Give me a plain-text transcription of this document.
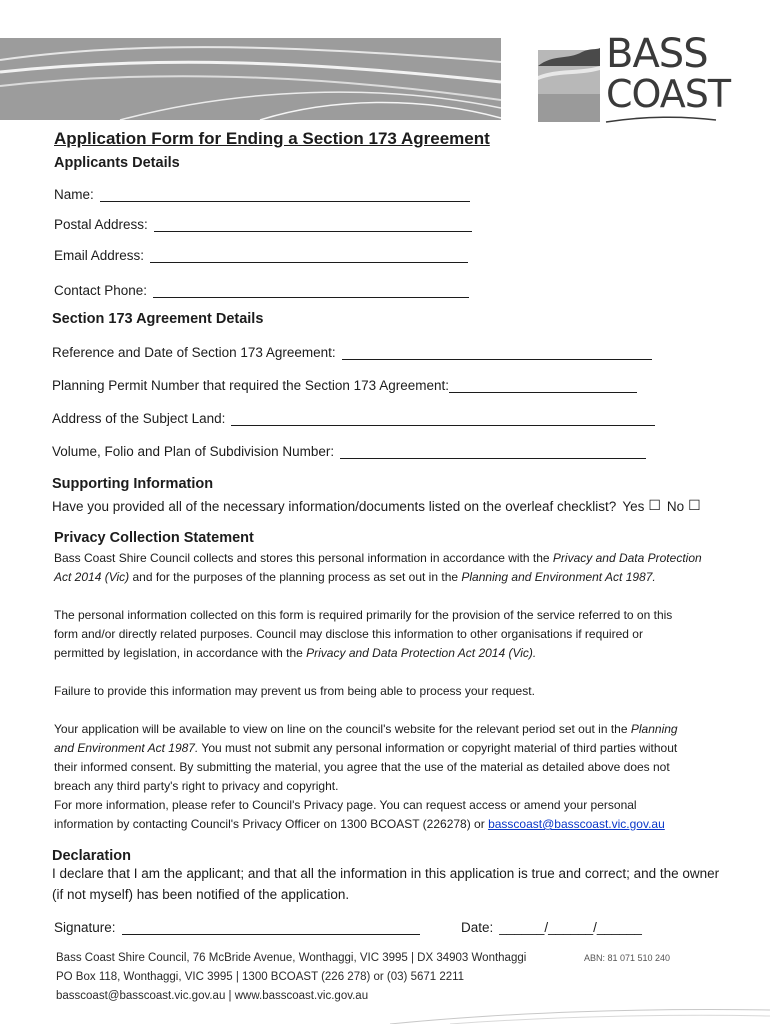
BASS
COAST
Application Form for Ending a Section 173 Agreement
Applicants Details
Name:
Postal Address:
Email Address:
Contact Phone:
Section 173 Agreement Details
Reference and Date of Section 173 Agreement:
Planning Permit Number that required the Section 173 Agreement:
Address of the Subject Land:
Volume, Folio and Plan of Subdivision Number:
Supporting Information
Have you provided all of the necessary information/documents listed on the overleaf checklist? Yes ☐ No ☐
Privacy Collection Statement
Bass Coast Shire Council collects and stores this personal information in accordance with the Privacy and Data Protection
Act 2014 (Vic) and for the purposes of the planning process as set out in the Planning and Environment Act 1987.
The personal information collected on this form is required primarily for the provision of the service referred to on this
form and/or directly related purposes. Council may disclose this information to other organisations if required or
permitted by legislation, in accordance with the Privacy and Data Protection Act 2014 (Vic).
Failure to provide this information may prevent us from being able to process your request.
Your application will be available to view on line on the council's website for the relevant period set out in the Planning
and Environment Act 1987. You must not submit any personal information or copyright material of third parties without
their informed consent. By submitting the material, you agree that the use of the material as detailed above does not
breach any third party's right to privacy and copyright.
For more information, please refer to Council's Privacy page. You can request access or amend your personal
information by contacting Council's Privacy Officer on 1300 BCOAST (226278) or basscoast@basscoast.vic.gov.au
Declaration
I declare that I am the applicant; and that all the information in this application is true and correct; and the owner
(if not myself) has been notified of the application.
Signature:	Date: ______/______/______
Bass Coast Shire Council, 76 McBride Avenue, Wonthaggi, VIC 3995 | DX 34903 Wonthaggi	ABN: 81 071 510 240
PO Box 118, Wonthaggi, VIC 3995 | 1300 BCOAST (226 278) or (03) 5671 2211
basscoast@basscoast.vic.gov.au | www.basscoast.vic.gov.au
